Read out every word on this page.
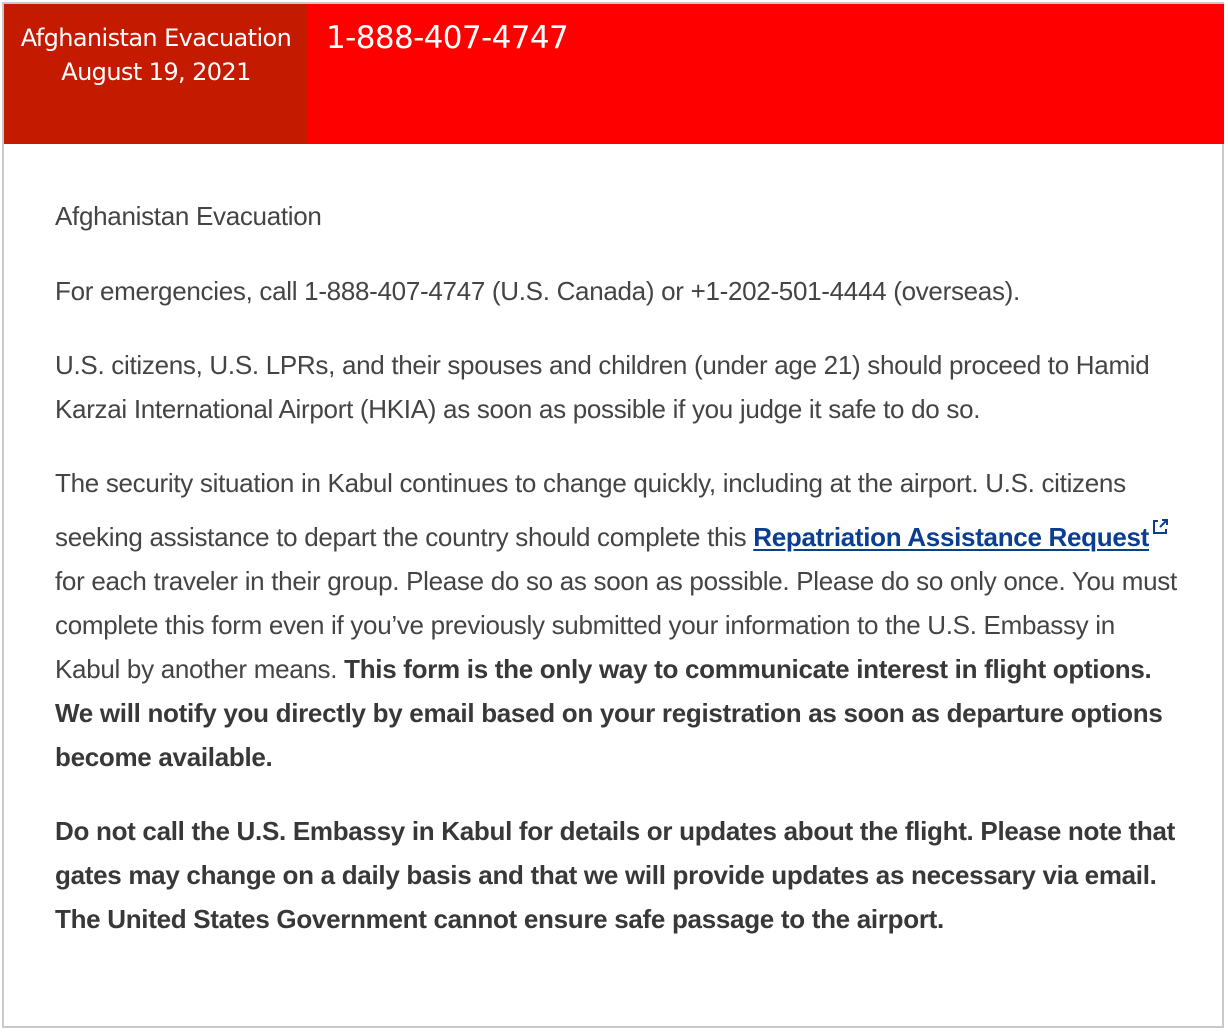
Afghanistan Evacuation
August 19, 2021
1-888-407-4747

Afghanistan Evacuation

For emergencies, call 1-888-407-4747 (U.S. Canada) or +1-202-501-4444 (overseas).

U.S. citizens, U.S. LPRs, and their spouses and children (under age 21) should proceed to Hamid Karzai International Airport (HKIA) as soon as possible if you judge it safe to do so.

The security situation in Kabul continues to change quickly, including at the airport. U.S. citizens seeking assistance to depart the country should complete this Repatriation Assistance Request for each traveler in their group. Please do so as soon as possible. Please do so only once. You must complete this form even if you’ve previously submitted your information to the U.S. Embassy in Kabul by another means. This form is the only way to communicate interest in flight options. We will notify you directly by email based on your registration as soon as departure options become available.

Do not call the U.S. Embassy in Kabul for details or updates about the flight. Please note that gates may change on a daily basis and that we will provide updates as necessary via email. The United States Government cannot ensure safe passage to the airport.
